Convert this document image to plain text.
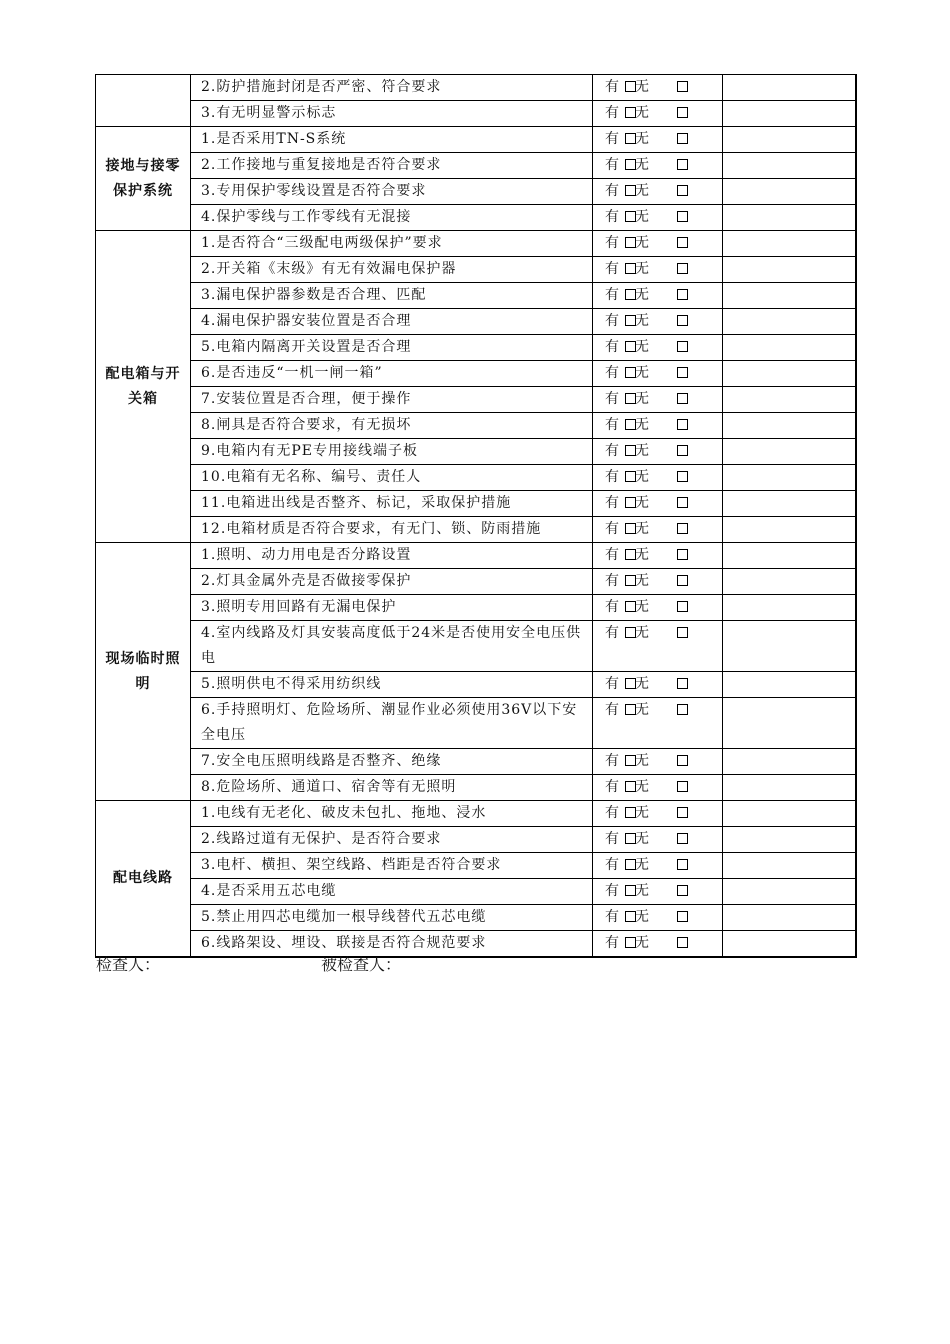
	2.防护措施封闭是否严密、符合要求	有 无	
	3.有无明显警示标志	有 无	
接地与接零保护系统	1.是否采用TN-S系统	有 无	
	2.工作接地与重复接地是否符合要求	有 无	
	3.专用保护零线设置是否符合要求	有 无	
	4.保护零线与工作零线有无混接	有 无	
配电箱与开关箱	1.是否符合“三级配电两级保护”要求	有 无	
	2.开关箱《末级》有无有效漏电保护器	有 无	
	3.漏电保护器参数是否合理、匹配	有 无	
	4.漏电保护器安装位置是否合理	有 无	
	5.电箱内隔离开关设置是否合理	有 无	
	6.是否违反“一机一闸一箱”	有 无	
	7.安装位置是否合理，便于操作	有 无	
	8.闸具是否符合要求，有无损坏	有 无	
	9.电箱内有无PE专用接线端子板	有 无	
	10.电箱有无名称、编号、责任人	有 无	
	11.电箱进出线是否整齐、标记，采取保护措施	有 无	
	12.电箱材质是否符合要求，有无门、锁、防雨措施	有 无	
现场临时照明	1.照明、动力用电是否分路设置	有 无	
	2.灯具金属外壳是否做接零保护	有 无	
	3.照明专用回路有无漏电保护	有 无	
	4.室内线路及灯具安装高度低于24米是否使用安全电压供电	有 无	
	5.照明供电不得采用纺织线	有 无	
	6.手持照明灯、危险场所、潮显作业必须使用36V以下安全电压	有 无	
	7.安全电压照明线路是否整齐、绝缘	有 无	
	8.危险场所、通道口、宿舍等有无照明	有 无	
配电线路	1.电线有无老化、破皮未包扎、拖地、浸水	有 无	
	2.线路过道有无保护、是否符合要求	有 无	
	3.电杆、横担、架空线路、档距是否符合要求	有 无	
	4.是否采用五芯电缆	有 无	
	5.禁止用四芯电缆加一根导线替代五芯电缆	有 无	
	6.线路架设、埋设、联接是否符合规范要求	有 无	
检查人：	被检查人：
